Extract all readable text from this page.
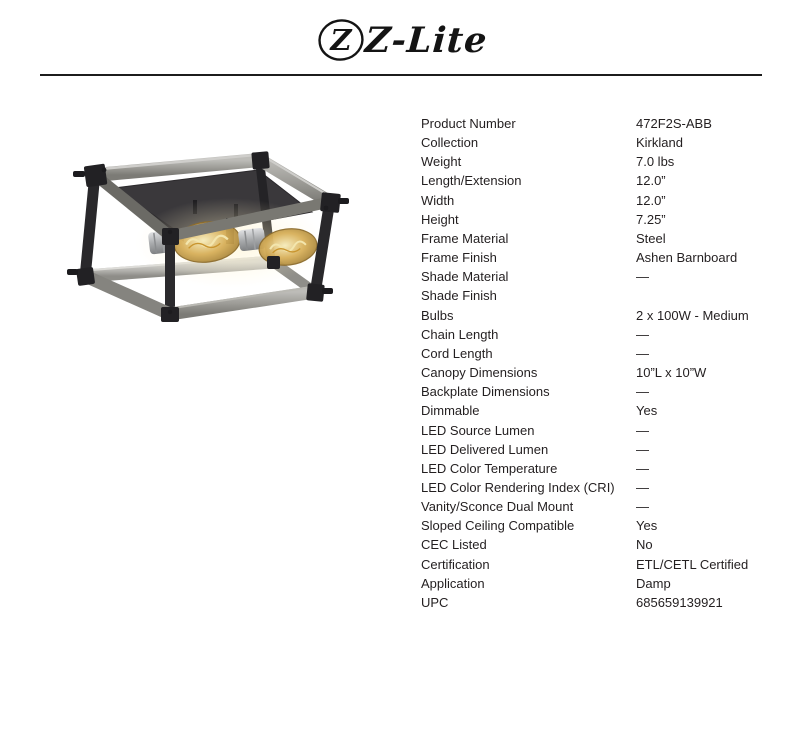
Z Z-Lite
Product Number	472F2S-ABB
Collection	Kirkland
Weight	7.0 lbs
Length/Extension	12.0”
Width	12.0”
Height	7.25”
Frame Material	Steel
Frame Finish	Ashen Barnboard
Shade Material	—
Shade Finish
Bulbs	2 x 100W - Medium
Chain Length	—
Cord Length	—
Canopy Dimensions	10”L x 10”W
Backplate Dimensions	—
Dimmable	Yes
LED Source Lumen	—
LED Delivered Lumen	—
LED Color Temperature	—
LED Color Rendering Index (CRI)	—
Vanity/Sconce Dual Mount	—
Sloped Ceiling Compatible	Yes
CEC Listed	No
Certification	ETL/CETL Certified
Application	Damp
UPC	685659139921
